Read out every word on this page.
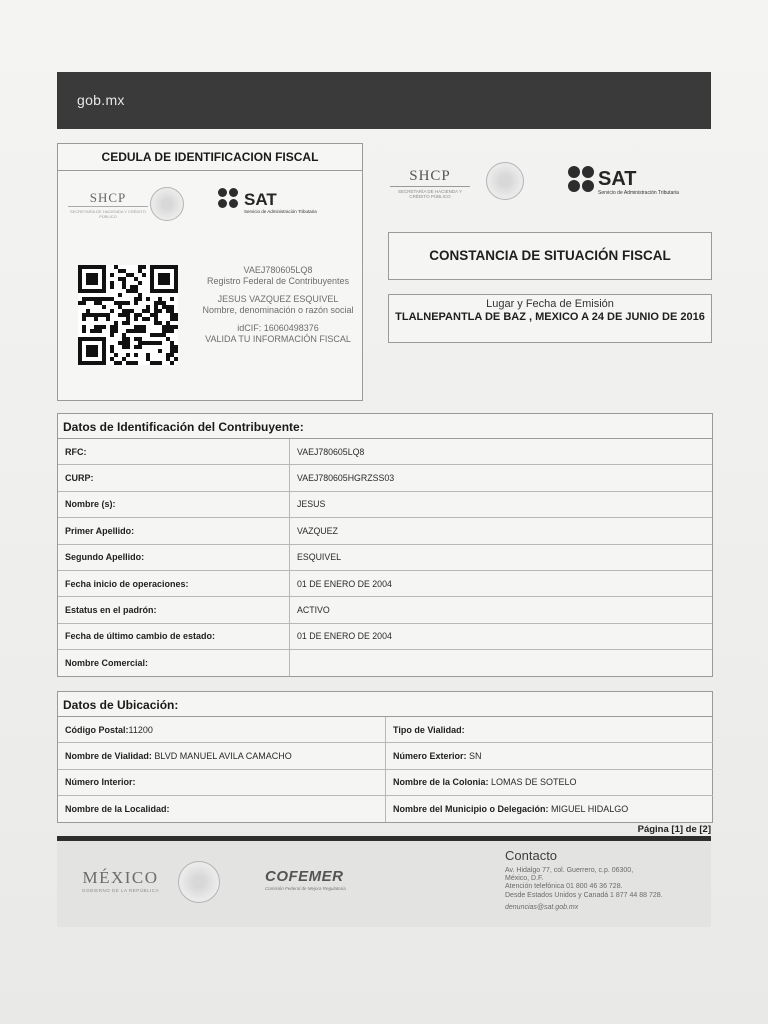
gob.mx
CEDULA DE IDENTIFICACION FISCAL
SHCP
SECRETARÍA DE HACIENDA Y CRÉDITO PÚBLICO
SAT
Servicio de Administración Tributaria
VAEJ780605LQ8
Registro Federal de Contribuyentes
JESUS VAZQUEZ ESQUIVEL
Nombre, denominación o razón social
idCIF: 16060498376
VALIDA TU INFORMACIÓN FISCAL
SHCP
SECRETARÍA DE HACIENDA Y CRÉDITO PÚBLICO
SAT
Servicio de Administración Tributaria
CONSTANCIA DE SITUACIÓN FISCAL
Lugar y Fecha de Emisión
TLALNEPANTLA DE BAZ , MEXICO A 24 DE JUNIO DE 2016
Datos de Identificación del Contribuyente:
RFC:	VAEJ780605LQ8
CURP:	VAEJ780605HGRZSS03
Nombre (s):	JESUS
Primer Apellido:	VAZQUEZ
Segundo Apellido:	ESQUIVEL
Fecha inicio de operaciones:	01 DE ENERO DE 2004
Estatus en el padrón:	ACTIVO
Fecha de último cambio de estado:	01 DE ENERO DE 2004
Nombre Comercial:	
Datos de Ubicación:
Código Postal:11200	Tipo de Vialidad:
Nombre de Vialidad: BLVD MANUEL AVILA CAMACHO	Número Exterior: SN
Número Interior:	Nombre de la Colonia: LOMAS DE SOTELO
Nombre de la Localidad:	Nombre del Municipio o Delegación: MIGUEL HIDALGO
Página [1] de [2]
MÉXICO
GOBIERNO DE LA REPÚBLICA
COFEMER
Comisión Federal de Mejora Regulatoria
Contacto
Av. Hidalgo 77, col. Guerrero, c.p. 06300,
México, D.F.
Atención telefónica 01 800 46 36 728.
Desde Estados Unidos y Canadá 1 877 44 88 728.
denuncias@sat.gob.mx
